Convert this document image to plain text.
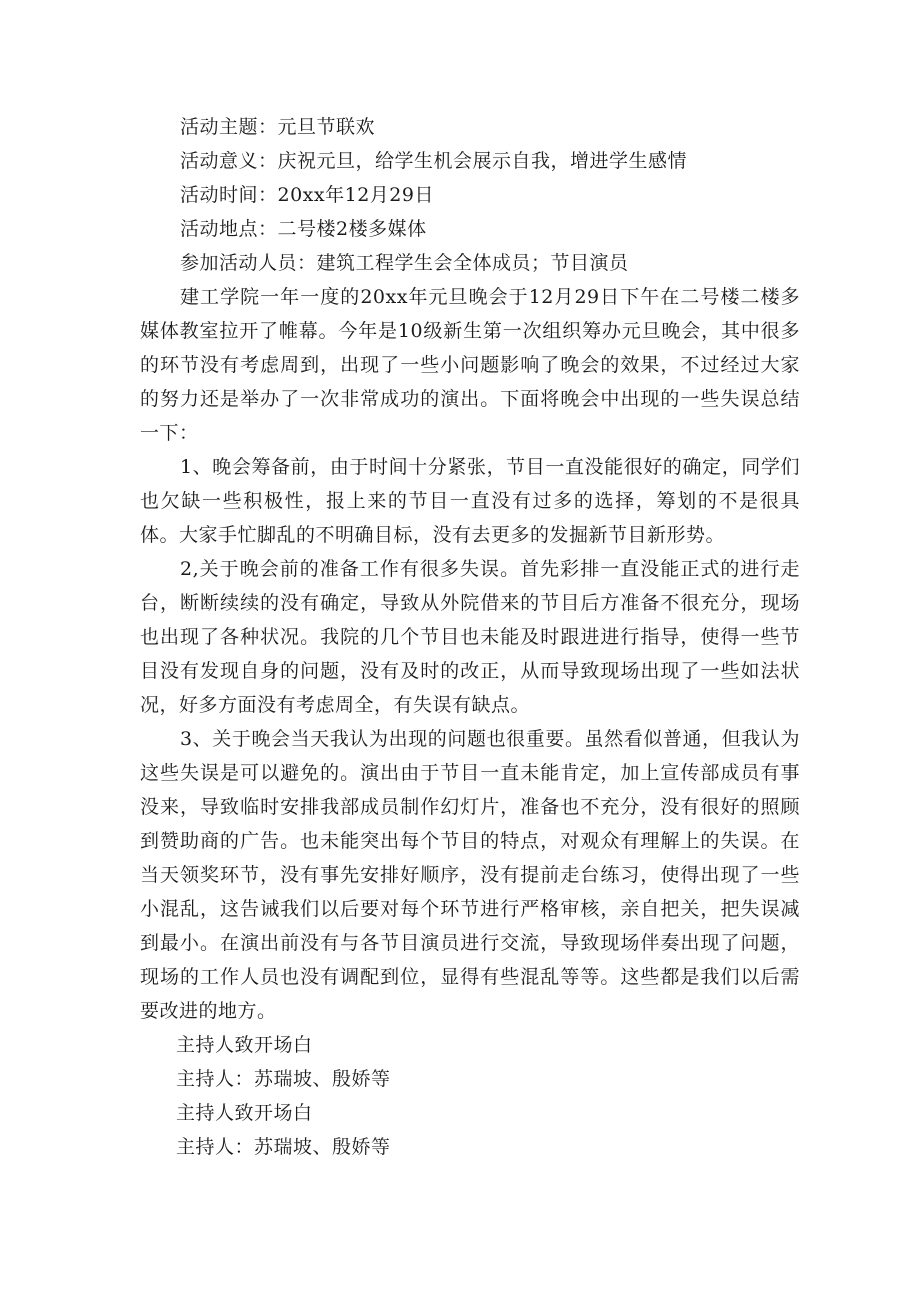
活动主题：元旦节联欢

活动意义：庆祝元旦，给学生机会展示自我，增进学生感情

活动时间：20xx年12月29日

活动地点：二号楼2楼多媒体

参加活动人员：建筑工程学生会全体成员；节目演员

建工学院一年一度的20xx年元旦晚会于12月29日下午在二号楼二楼多媒体教室拉开了帷幕。今年是10级新生第一次组织筹办元旦晚会，其中很多的环节没有考虑周到，出现了一些小问题影响了晚会的效果，不过经过大家的努力还是举办了一次非常成功的演出。下面将晚会中出现的一些失误总结一下：

1、晚会筹备前，由于时间十分紧张，节目一直没能很好的确定，同学们也欠缺一些积极性，报上来的节目一直没有过多的选择，筹划的不是很具体。大家手忙脚乱的不明确目标，没有去更多的发掘新节目新形势。

2,关于晚会前的准备工作有很多失误。首先彩排一直没能正式的进行走台，断断续续的没有确定，导致从外院借来的节目后方准备不很充分，现场也出现了各种状况。我院的几个节目也未能及时跟进进行指导，使得一些节目没有发现自身的问题，没有及时的改正，从而导致现场出现了一些如法状况，好多方面没有考虑周全，有失误有缺点。

3、关于晚会当天我认为出现的问题也很重要。虽然看似普通，但我认为这些失误是可以避免的。演出由于节目一直未能肯定，加上宣传部成员有事没来，导致临时安排我部成员制作幻灯片，准备也不充分，没有很好的照顾到赞助商的广告。也未能突出每个节目的特点，对观众有理解上的失误。在当天领奖环节，没有事先安排好顺序，没有提前走台练习，使得出现了一些小混乱，这告诫我们以后要对每个环节进行严格审核，亲自把关，把失误减到最小。在演出前没有与各节目演员进行交流，导致现场伴奏出现了问题，现场的工作人员也没有调配到位，显得有些混乱等等。这些都是我们以后需要改进的地方。

主持人致开场白

主持人：苏瑞坡、殷娇等

主持人致开场白

主持人：苏瑞坡、殷娇等
